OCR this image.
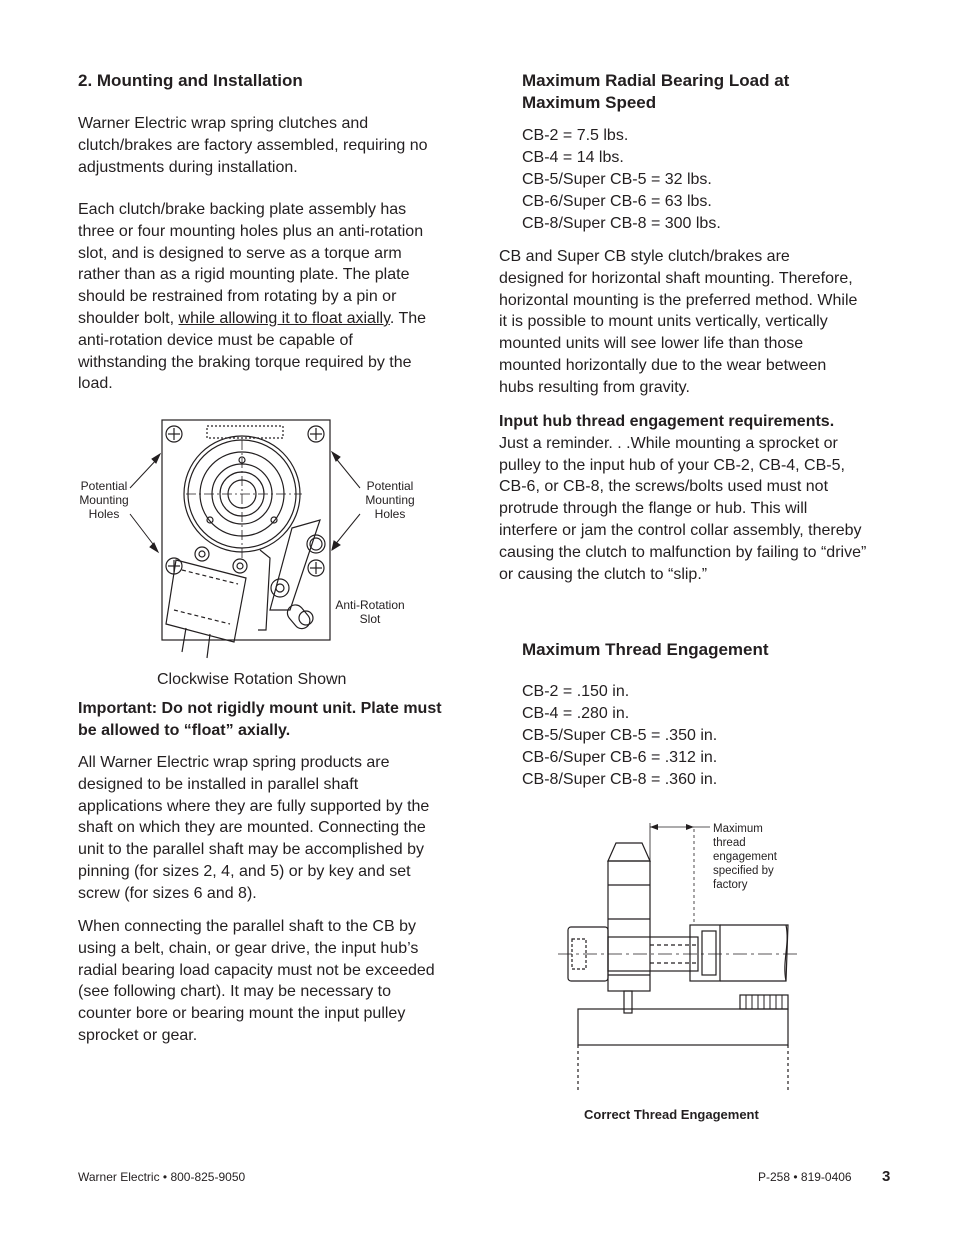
2. Mounting and Installation

Warner Electric wrap spring clutches and clutch/brakes are factory assembled, requiring no adjustments during installation.

Each clutch/brake backing plate assembly has three or four mounting holes plus an anti-rotation slot, and is designed to serve as a torque arm rather than as a rigid mounting plate. The plate should be restrained from rotating by a pin or shoulder bolt, while allowing it to float axially. The anti-rotation device must be capable of withstanding the braking torque required by the load.

Potential
Mounting
Holes
Potential
Mounting
Holes
Anti-Rotation
Slot

Clockwise Rotation Shown

Important: Do not rigidly mount unit. Plate must be allowed to “float” axially.

All Warner Electric wrap spring products are designed to be installed in parallel shaft applications where they are fully supported by the shaft on which they are mounted. Connecting the unit to the parallel shaft may be accomplished by pinning (for sizes 2, 4, and 5) or by key and set screw (for sizes 6 and 8).

When connecting the parallel shaft to the CB by using a belt, chain, or gear drive, the input hub’s radial bearing load capacity must not be exceeded (see following chart). It may be necessary to counter bore or bearing mount the input pulley sprocket or gear.

Maximum Radial Bearing Load at
Maximum Speed
CB-2 = 7.5 lbs.
CB-4 = 14 lbs.
CB-5/Super CB-5 = 32 lbs.
CB-6/Super CB-6 = 63 lbs.
CB-8/Super CB-8 = 300 lbs.

CB and Super CB style clutch/brakes are designed for horizontal shaft mounting. Therefore, horizontal mounting is the preferred method. While it is possible to mount units vertically, vertically mounted units will see lower life than those mounted horizontally due to the wear between hubs resulting from gravity.

Input hub thread engagement requirements.
Just a reminder. . .While mounting a sprocket or pulley to the input hub of your CB-2, CB-4, CB-5, CB-6, or CB-8, the screws/bolts used must not protrude through the flange or hub. This will interfere or jam the control collar assembly, thereby causing the clutch to malfunction by failing to “drive” or causing the clutch to “slip.”

Maximum Thread Engagement
CB-2 = .150 in.
CB-4 = .280 in.
CB-5/Super CB-5 = .350 in.
CB-6/Super CB-6 = .312 in.
CB-8/Super CB-8 = .360 in.
Maximum
thread
engagement
specified by
factory
Correct Thread Engagement
Warner Electric • 800-825-9050	P-258 • 819-0406 3
